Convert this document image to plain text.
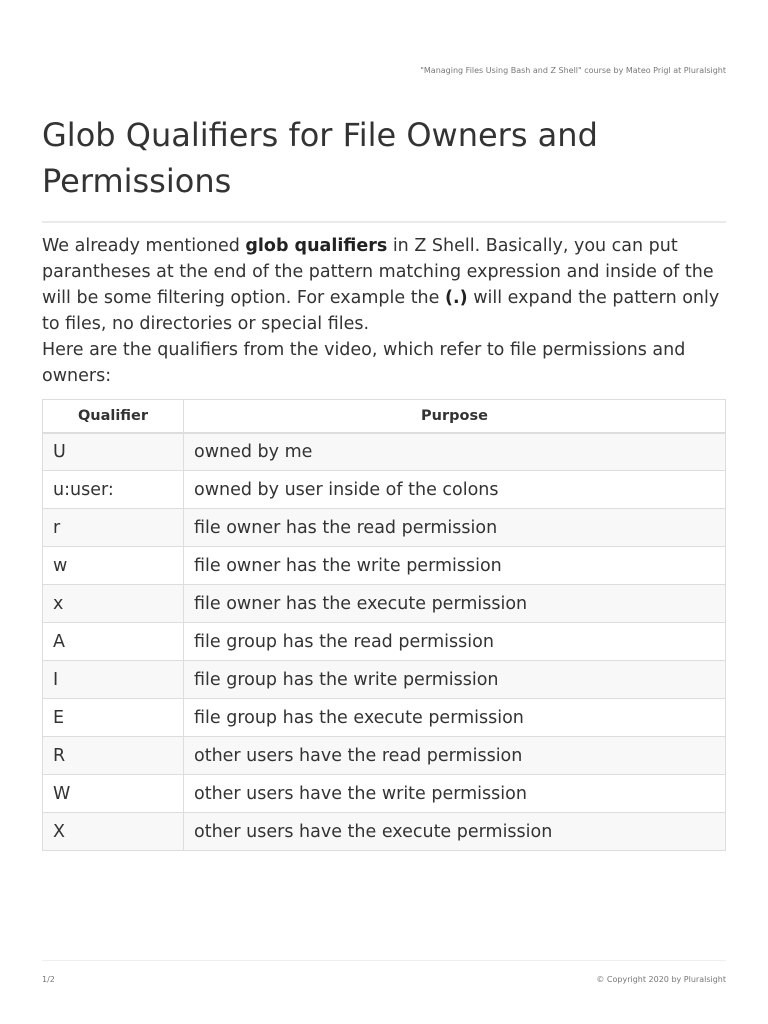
"Managing Files Using Bash and Z Shell" course by Mateo Prigl at Pluralsight
Glob Qualifiers for File Owners and Permissions

We already mentioned glob qualifiers in Z Shell. Basically, you can put parantheses at the end of the pattern matching expression and inside of the will be some filtering option. For example the (.) will expand the pattern only to files, no directories or special files.

Here are the qualifiers from the video, which refer to file permissions and owners:

Qualifier	Purpose
U	owned by me
u:user:	owned by user inside of the colons
r	file owner has the read permission
w	file owner has the write permission
x	file owner has the execute permission
A	file group has the read permission
I	file group has the write permission
E	file group has the execute permission
R	other users have the read permission
W	other users have the write permission
X	other users have the execute permission
1/2	© Copyright 2020 by Pluralsight
